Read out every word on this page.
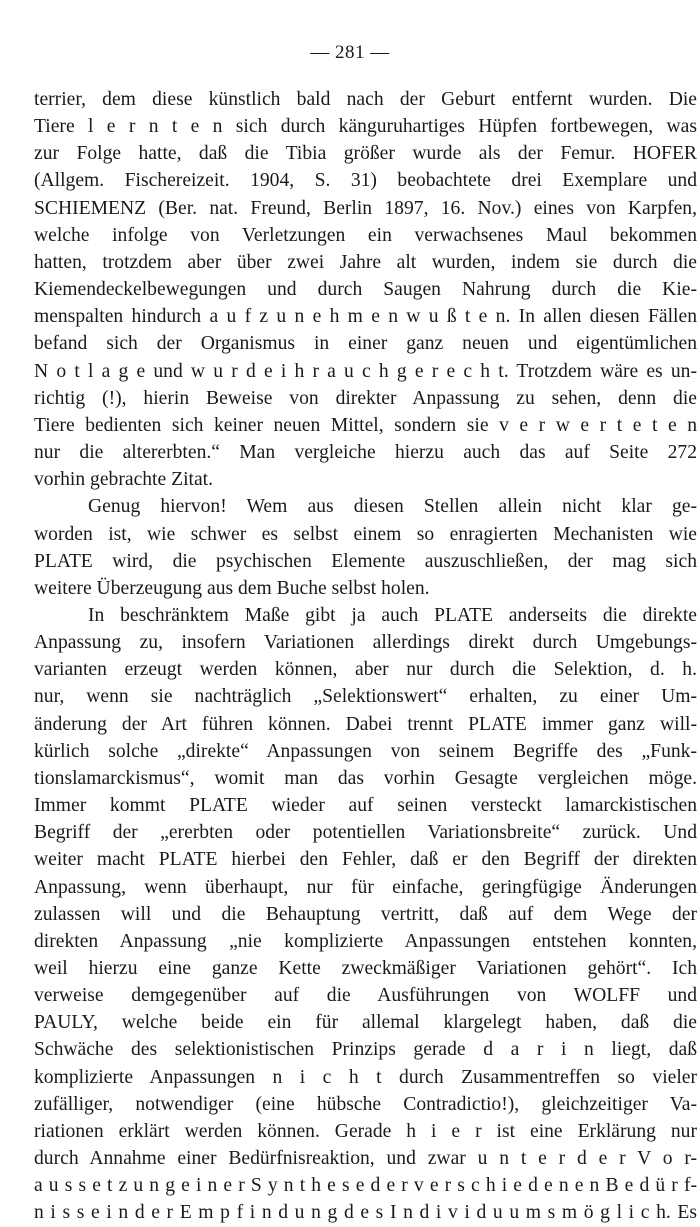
— 281 —
terrier, dem diese künstlich bald nach der Geburt entfernt wurden. Die
Tiere l e r n t e n sich durch känguruhartiges Hüpfen fortbewegen, was
zur Folge hatte, daß die Tibia größer wurde als der Femur. HOFER
(Allgem. Fischereizeit. 1904, S. 31) beobachtete drei Exemplare und
SCHIEMENZ (Ber. nat. Freund, Berlin 1897, 16. Nov.) eines von Karpfen,
welche infolge von Verletzungen ein verwachsenes Maul bekommen
hatten, trotzdem aber über zwei Jahre alt wurden, indem sie durch die
Kiemendeckelbewegungen und durch Saugen Nahrung durch die Kie-
menspalten hindurch a u f z u n e h m e n w u ß t e n. In allen diesen Fällen
befand sich der Organismus in einer ganz neuen und eigentümlichen
N o t l a g e und w u r d e i h r a u c h g e r e c h t. Trotzdem wäre es un-
richtig (!), hierin Beweise von direkter Anpassung zu sehen, denn die
Tiere bedienten sich keiner neuen Mittel, sondern sie v e r w e r t e t e n
nur die altererbten.“ Man vergleiche hierzu auch das auf Seite 272
vorhin gebrachte Zitat.
Genug hiervon! Wem aus diesen Stellen allein nicht klar ge-
worden ist, wie schwer es selbst einem so enragierten Mechanisten wie
PLATE wird, die psychischen Elemente auszuschließen, der mag sich
weitere Überzeugung aus dem Buche selbst holen.
In beschränktem Maße gibt ja auch PLATE anderseits die direkte
Anpassung zu, insofern Variationen allerdings direkt durch Umgebungs-
varianten erzeugt werden können, aber nur durch die Selektion, d. h.
nur, wenn sie nachträglich „Selektionswert“ erhalten, zu einer Um-
änderung der Art führen können. Dabei trennt PLATE immer ganz will-
kürlich solche „direkte“ Anpassungen von seinem Begriffe des „Funk-
tionslamarckismus“, womit man das vorhin Gesagte vergleichen möge.
Immer kommt PLATE wieder auf seinen versteckt lamarckistischen
Begriff der „ererbten oder potentiellen Variationsbreite“ zurück. Und
weiter macht PLATE hierbei den Fehler, daß er den Begriff der direkten
Anpassung, wenn überhaupt, nur für einfache, geringfügige Änderungen
zulassen will und die Behauptung vertritt, daß auf dem Wege der
direkten Anpassung „nie komplizierte Anpassungen entstehen konnten,
weil hierzu eine ganze Kette zweckmäßiger Variationen gehört“. Ich
verweise demgegenüber auf die Ausführungen von WOLFF und
PAULY, welche beide ein für allemal klargelegt haben, daß die
Schwäche des selektionistischen Prinzips gerade d a r i n liegt, daß
komplizierte Anpassungen n i c h t durch Zusammentreffen so vieler
zufälliger, notwendiger (eine hübsche Contradictio!), gleichzeitiger Va-
riationen erklärt werden können. Gerade h i e r ist eine Erklärung nur
durch Annahme einer Bedürfnisreaktion, und zwar u n t e r d e r V o r-
a u s s e t z u n g e i n e r S y n t h e s e d e r v e r s c h i e d e n e n B e d ü r f-
n i s s e i n d e r E m p f i n d u n g d e s I n d i v i d u u m s m ö g l i c h. Es
